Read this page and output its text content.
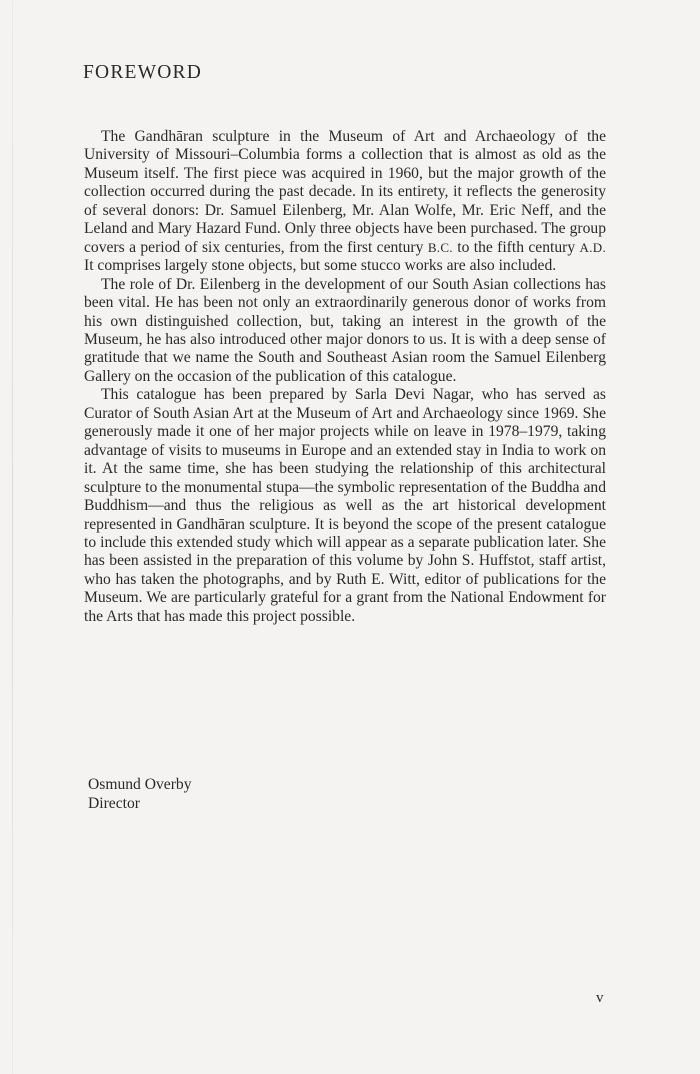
FOREWORD

The Gandhāran sculpture in the Museum of Art and Archaeology of the University of Missouri–Columbia forms a collection that is almost as old as the Museum itself. The first piece was acquired in 1960, but the major growth of the collection occurred during the past decade. In its entirety, it reflects the generosity of several donors: Dr. Samuel Eilenberg, Mr. Alan Wolfe, Mr. Eric Neff, and the Leland and Mary Hazard Fund. Only three objects have been purchased. The group covers a period of six centuries, from the first century B.C. to the fifth century A.D. It comprises largely stone objects, but some stucco works are also included.

The role of Dr. Eilenberg in the development of our South Asian collections has been vital. He has been not only an extraordinarily generous donor of works from his own distinguished collection, but, taking an interest in the growth of the Museum, he has also introduced other major donors to us. It is with a deep sense of gratitude that we name the South and Southeast Asian room the Samuel Eilenberg Gallery on the occasion of the publication of this catalogue.

This catalogue has been prepared by Sarla Devi Nagar, who has served as Curator of South Asian Art at the Museum of Art and Archaeology since 1969. She generously made it one of her major projects while on leave in 1978–1979, taking advantage of visits to museums in Europe and an extended stay in India to work on it. At the same time, she has been studying the relationship of this architectural sculpture to the monumental stupa—the symbolic representation of the Buddha and Buddhism—and thus the religious as well as the art historical development represented in Gandhāran sculpture. It is beyond the scope of the present catalogue to include this extended study which will appear as a separate publication later. She has been assisted in the preparation of this volume by John S. Huffstot, staff artist, who has taken the photographs, and by Ruth E. Witt, editor of publications for the Museum. We are particularly grateful for a grant from the National Endowment for the Arts that has made this project possible.

Osmund Overby
Director
v
